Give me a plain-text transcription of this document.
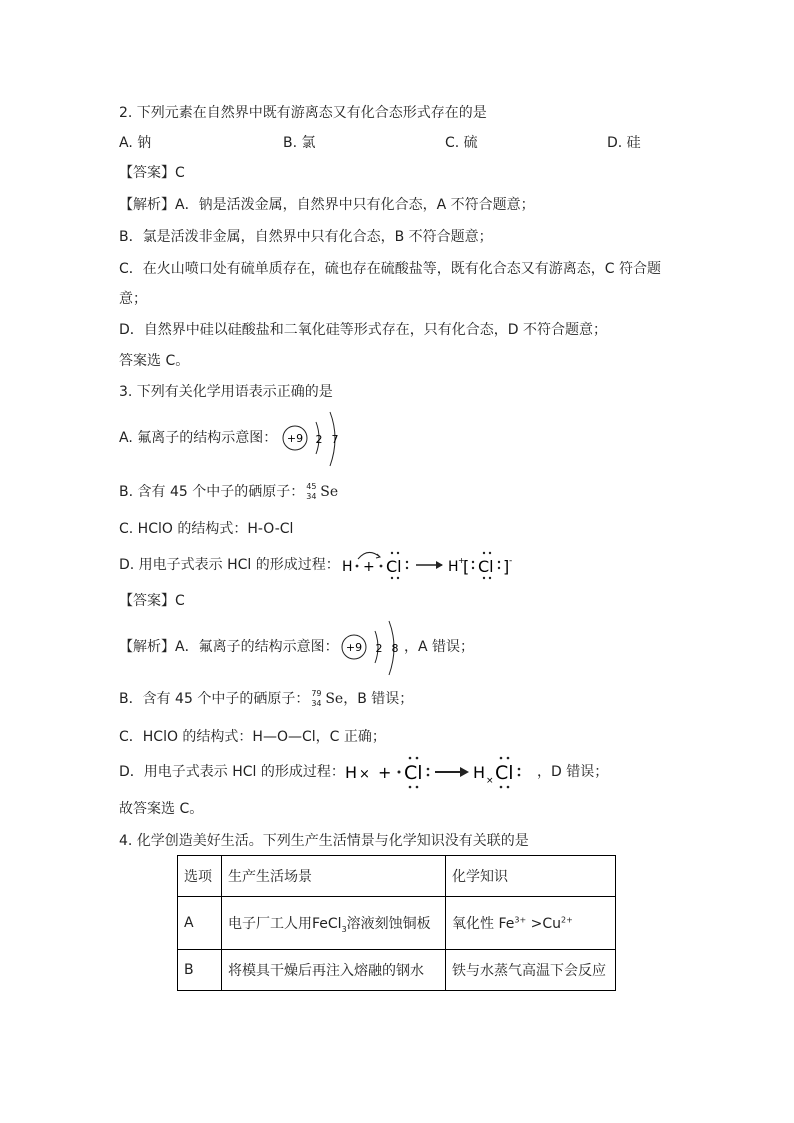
2. 下列元素在自然界中既有游离态又有化合态形式存在的是
A. 钠	B. 氯	C. 硫	D. 硅
【答案】C
【解析】A．钠是活泼金属，自然界中只有化合态，A 不符合题意；
B．氯是活泼非金属，自然界中只有化合态，B 不符合题意；
C．在火山喷口处有硫单质存在，硫也存在硫酸盐等，既有化合态又有游离态，C 符合题
意；
D．自然界中硅以硅酸盐和二氧化硅等形式存在，只有化合态，D 不符合题意；
答案选 C。
3. 下列有关化学用语表示正确的是
A. 氟离子的结构示意图： +9 2 7
B. 含有 45 个中子的硒原子： 45
34 Se
C. HClO 的结构式：H-O-Cl
D. 用电子式表示 HCl 的形成过程： H + Cl	H +
[ Cl ] -
【答案】C
【解析】A．氟离子的结构示意图： +9 2 8 ，A 错误；
B．含有 45 个中子的硒原子： 79
34 Se，B 错误；
C．HClO 的结构式：H—O—Cl，C 正确；
D．用电子式表示 HCl 的形成过程： H × + Cl	H × Cl ，D 错误；
故答案选 C。
4. 化学创造美好生活。下列生产生活情景与化学知识没有关联的是
选项	生产生活场景	化学知识
A	电子厂工人用FeCl$_3$溶液刻蚀铜板	氧化性 $Fe^{3+} >Cu^{2+}$
B	将模具干燥后再注入熔融的钢水	铁与水蒸气高温下会反应
